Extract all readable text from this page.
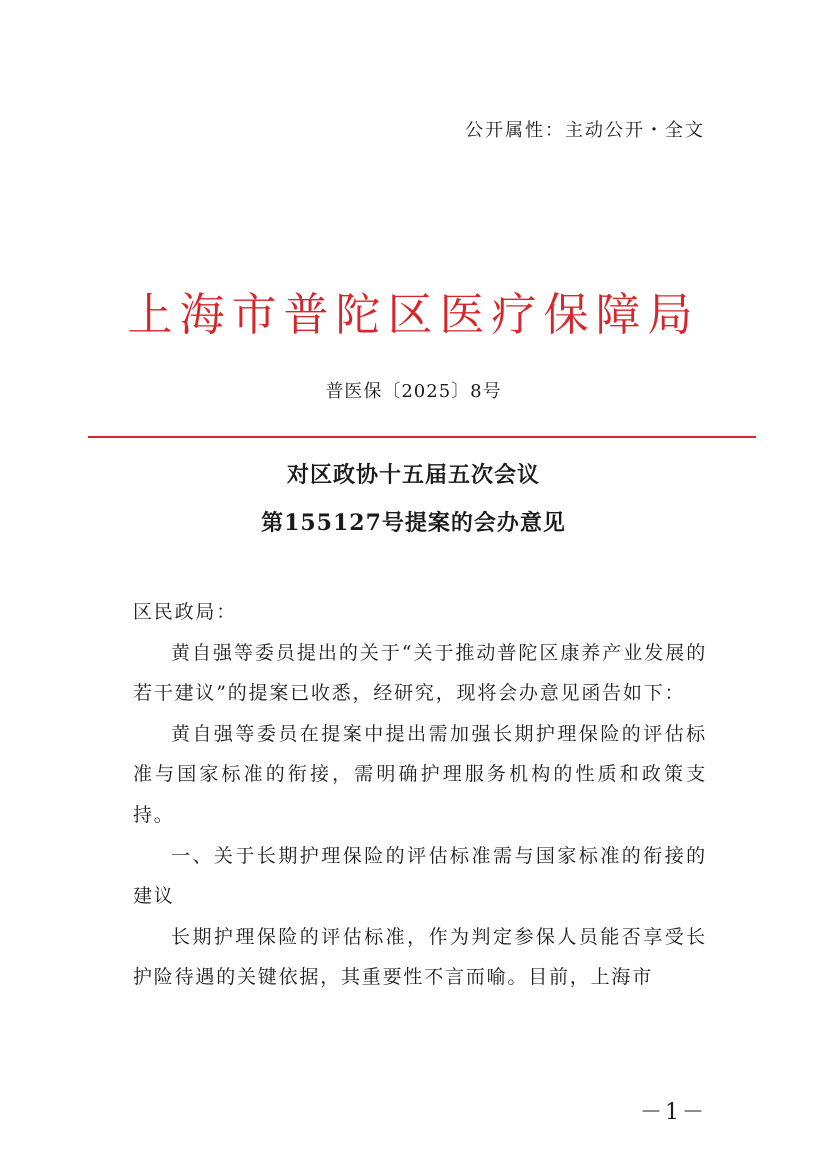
公开属性：主动公开・全文
上海市普陀区医疗保障局
普医保〔2025〕8号
对区政协十五届五次会议
第155127号提案的会办意见

区民政局：

黄自强等委员提出的关于“关于推动普陀区康养产业发展的若干建议”的提案已收悉，经研究，现将会办意见函告如下：

黄自强等委员在提案中提出需加强长期护理保险的评估标准与国家标准的衔接，需明确护理服务机构的性质和政策支持。

一、关于长期护理保险的评估标准需与国家标准的衔接的建议

长期护理保险的评估标准，作为判定参保人员能否享受长护险待遇的关键依据，其重要性不言而喻。目前，上海市

－1－
